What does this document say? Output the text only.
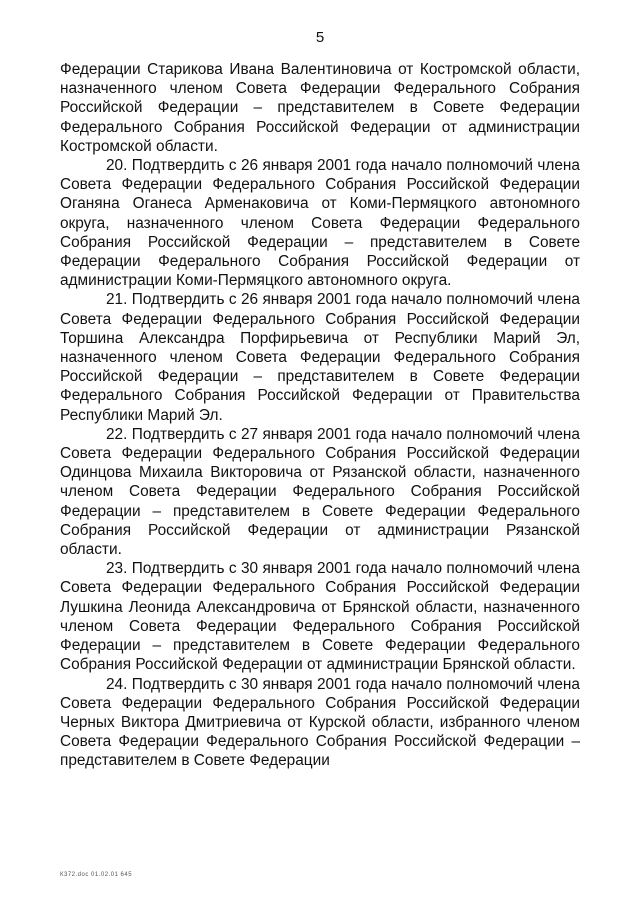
5

Федерации Старикова Ивана Валентиновича от Костромской области, назначенного членом Совета Федерации Федерального Собрания Российской Федерации – представителем в Совете Федерации Федерального Собрания Российской Федерации от администрации Костромской области.

20. Подтвердить с 26 января 2001 года начало полномочий члена Совета Федерации Федерального Собрания Российской Федерации Оганяна Оганеса Арменаковича от Коми-Пермяцкого автономного округа, назначенного членом Совета Федерации Федерального Собрания Российской Федерации – представителем в Совете Федерации Федерального Собрания Российской Федерации от администрации Коми-Пермяцкого автономного округа.

21. Подтвердить с 26 января 2001 года начало полномочий члена Совета Федерации Федерального Собрания Российской Федерации Торшина Александра Порфирьевича от Республики Марий Эл, назначенного членом Совета Федерации Федерального Собрания Российской Федерации – представителем в Совете Федерации Федерального Собрания Российской Федерации от Правительства Республики Марий Эл.

22. Подтвердить с 27 января 2001 года начало полномочий члена Совета Федерации Федерального Собрания Российской Федерации Одинцова Михаила Викторовича от Рязанской области, назначенного членом Совета Федерации Федерального Собрания Российской Федерации – представителем в Совете Федерации Федерального Собрания Российской Федерации от администрации Рязанской области.

23. Подтвердить с 30 января 2001 года начало полномочий члена Совета Федерации Федерального Собрания Российской Федерации Лушкина Леонида Александровича от Брянской области, назначенного членом Совета Федерации Федерального Собрания Российской Федерации – представителем в Совете Федерации Федерального Собрания Российской Федерации от администрации Брянской области.

24. Подтвердить с 30 января 2001 года начало полномочий члена Совета Федерации Федерального Собрания Российской Федерации Черных Виктора Дмитриевича от Курской области, избранного членом Совета Федерации Федерального Собрания Российской Федерации – представителем в Совете Федерации

К372.doc 01.02.01 645
